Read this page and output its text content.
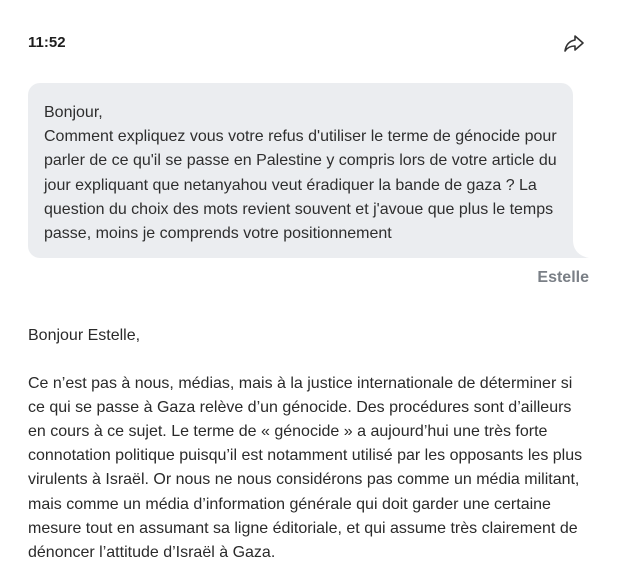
11:52

Bonjour,

Comment expliquez vous votre refus d'utiliser le terme de génocide pour parler de ce qu'il se passe en Palestine y compris lors de votre article du jour expliquant que netanyahou veut éradiquer la bande de gaza ? La question du choix des mots revient souvent et j'avoue que plus le temps passe, moins je comprends votre positionnement

Estelle

Bonjour Estelle,

Ce n’est pas à nous, médias, mais à la justice internationale de déterminer si ce qui se passe à Gaza relève d’un génocide. Des procédures sont d’ailleurs en cours à ce sujet. Le terme de « génocide » a aujourd’hui une très forte connotation politique puisqu’il est notamment utilisé par les opposants les plus virulents à Israël. Or nous ne nous considérons pas comme un média militant, mais comme un média d’information générale qui doit garder une certaine mesure tout en assumant sa ligne éditoriale, et qui assume très clairement de dénoncer l’attitude d’Israël à Gaza.
